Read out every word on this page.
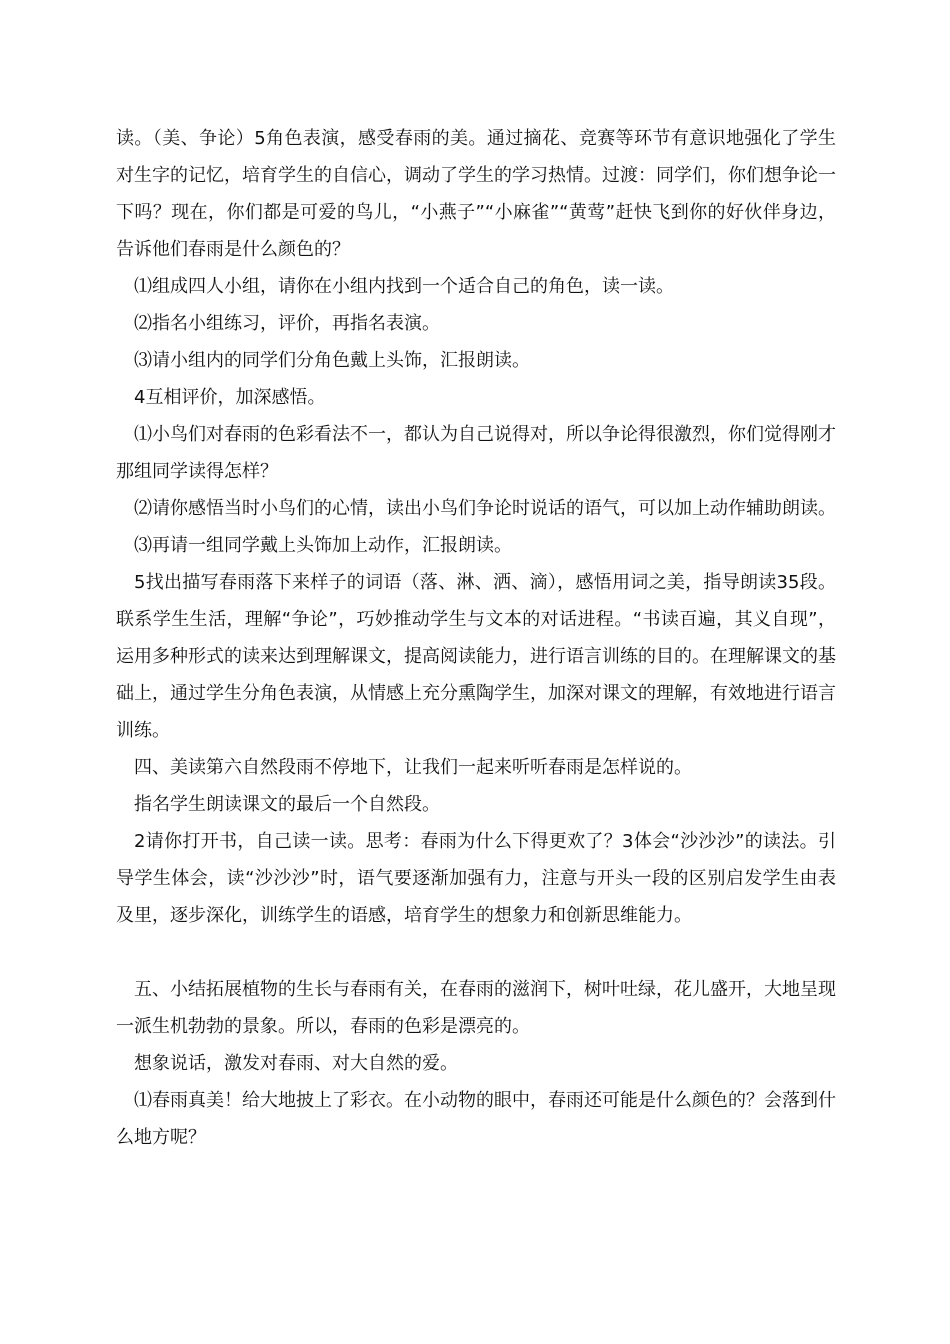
读。（美、争论）5角色表演，感受春雨的美。通过摘花、竞赛等环节有意识地强化了学生对生字的记忆，培育学生的自信心，调动了学生的学习热情。过渡：同学们，你们想争论一下吗？现在，你们都是可爱的鸟儿，“小燕子”“小麻雀”“黄莺”赶快飞到你的好伙伴身边，告诉他们春雨是什么颜色的？

⑴组成四人小组，请你在小组内找到一个适合自己的角色，读一读。

⑵指名小组练习，评价，再指名表演。

⑶请小组内的同学们分角色戴上头饰，汇报朗读。

4互相评价，加深感悟。

⑴小鸟们对春雨的色彩看法不一，都认为自己说得对，所以争论得很激烈，你们觉得刚才那组同学读得怎样？

⑵请你感悟当时小鸟们的心情，读出小鸟们争论时说话的语气，可以加上动作辅助朗读。

⑶再请一组同学戴上头饰加上动作，汇报朗读。

5找出描写春雨落下来样子的词语（落、淋、洒、滴），感悟用词之美，指导朗读35段。联系学生生活，理解“争论”，巧妙推动学生与文本的对话进程。“书读百遍，其义自现”，运用多种形式的读来达到理解课文，提高阅读能力，进行语言训练的目的。在理解课文的基础上，通过学生分角色表演，从情感上充分熏陶学生，加深对课文的理解，有效地进行语言训练。

四、美读第六自然段雨不停地下，让我们一起来听听春雨是怎样说的。

指名学生朗读课文的最后一个自然段。

2请你打开书，自己读一读。思考：春雨为什么下得更欢了？3体会“沙沙沙”的读法。引导学生体会，读“沙沙沙”时，语气要逐渐加强有力，注意与开头一段的区别启发学生由表及里，逐步深化，训练学生的语感，培育学生的想象力和创新思维能力。

五、小结拓展植物的生长与春雨有关，在春雨的滋润下，树叶吐绿，花儿盛开，大地呈现一派生机勃勃的景象。所以，春雨的色彩是漂亮的。

想象说话，激发对春雨、对大自然的爱。

⑴春雨真美！给大地披上了彩衣。在小动物的眼中，春雨还可能是什么颜色的？会落到什么地方呢？
